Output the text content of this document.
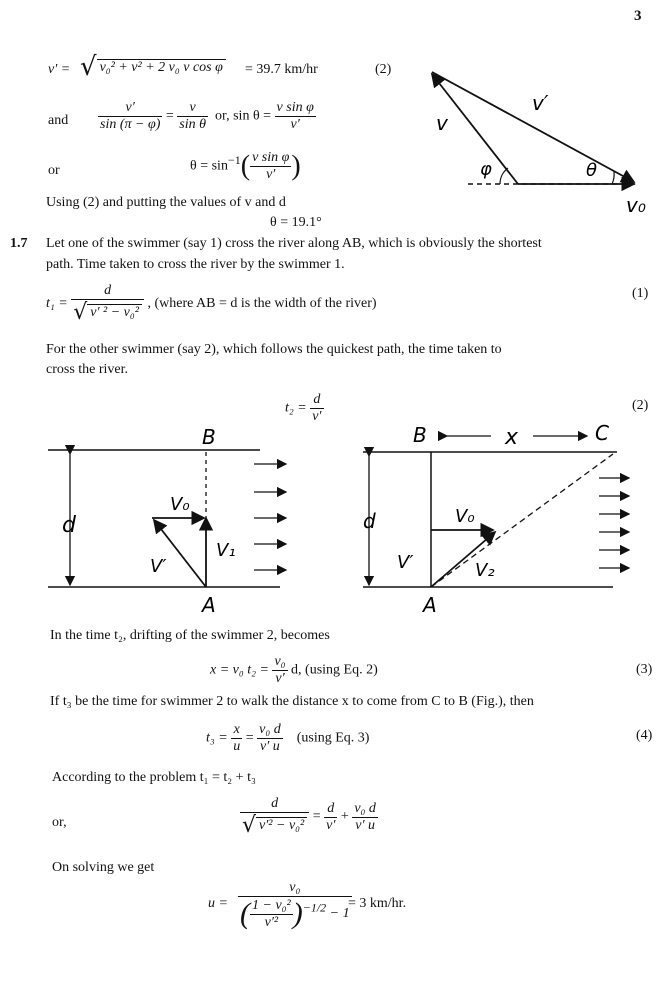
3
v′ = √ v₀² + v² + 2 v₀ v cos φ = 39.7 km/hr	(2)
and $\frac{v'}{\sin (\pi - \varphi)} = \frac{v}{\text{sin θ}}$ or, $\sin \theta = \frac{\text{v sin φ}}{v'}$
or	$\theta = \sin^{-1}( \frac{\text{v sin φ}}{v'}$ )
Using (2) and putting the values of v and d
θ = 19.1°
v′
v
φ	θ
v₀
1.7 Let one of the swimmer (say 1) cross the river along AB, which is obviously the shortest
path. Time taken to cross the river by the swimmer 1.
$t_1 = \frac{d}{\text{√ v′ ² − v₀²}}$ , (where AB = d is the width of the river)
(1)
For the other swimmer (say 2), which follows the quickest path, the time taken to
cross the river.
$t_2 = \frac{d}{v'}$	(2)
B
A
d
V₀
V₁
V′
B	x	C
A
d	V₀
V′	V₂
In the time t₂, drifting of the swimmer 2, becomes
x = v₀ $t_2 = \frac{\text{v₀}}{v'} d$, (using Eq. 2)	(3)
If t₃ be the time for swimmer 2 to walk the distance x to come from C to B (Fig.), then
$t_3 = \frac{x}{u} = \frac{\text{v₀ d}}{v' u} (using$ Eq. 3)	(4)
According to the problem t₁ = t₂ + t₃
or,	$\frac{d}{\text{√ v′² − v₀²}} = \frac{d}{v'} + \frac{\text{v₀ d}}{v' u}$
On solving we get
$u = \frac{\text{v₀}}{( \frac{\text{1 − v₀²}}{\text{v′²}} )^{-1/2} - 1}$
= 3 km/hr.
